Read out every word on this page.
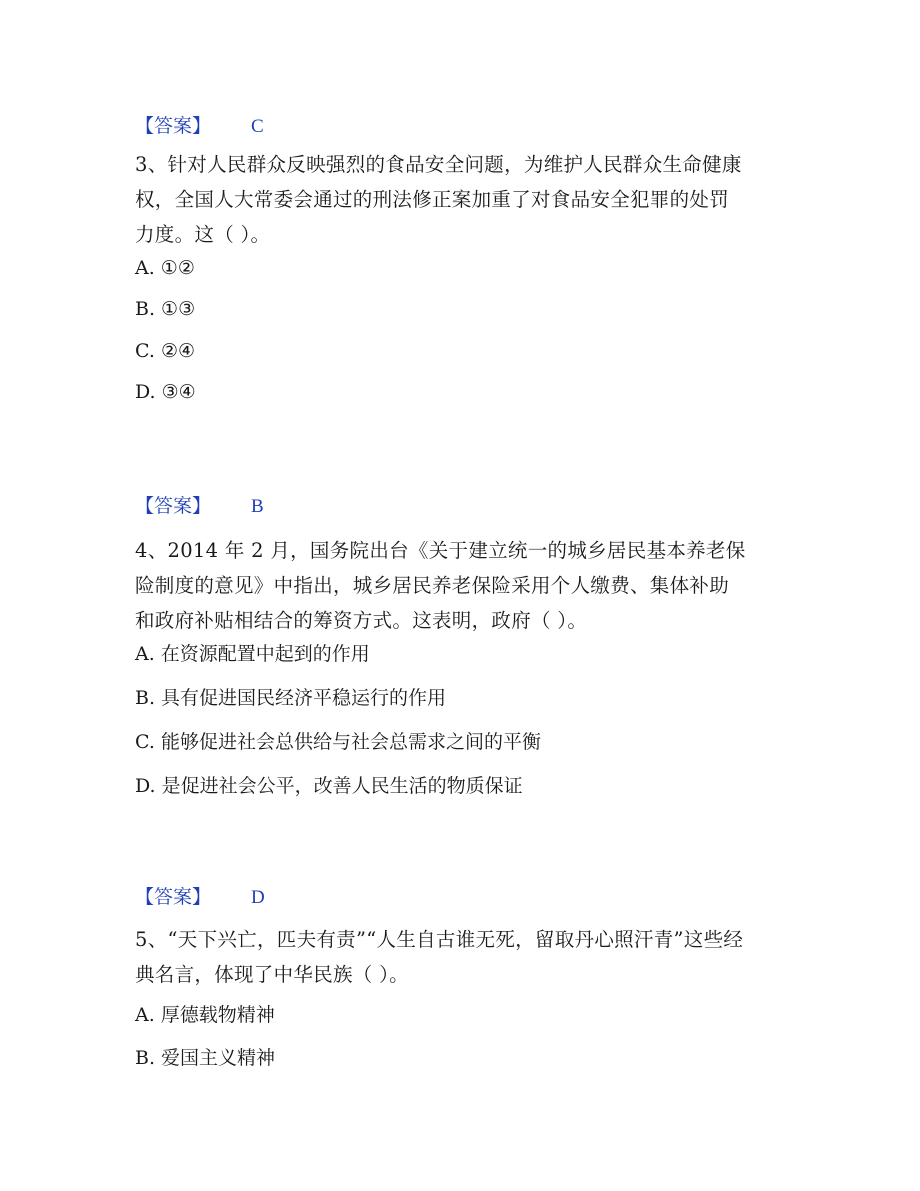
【答案】 C
3、针对人民群众反映强烈的食品安全问题，为维护人民群众生命健康
权，全国人大常委会通过的刑法修正案加重了对食品安全犯罪的处罚
力度。这（ ）。
A. ①②
B. ①③
C. ②④
D. ③④
【答案】 B
4、2014 年 2 月，国务院出台《关于建立统一的城乡居民基本养老保
险制度的意见》中指出，城乡居民养老保险采用个人缴费、集体补助
和政府补贴相结合的筹资方式。这表明，政府（ ）。
A. 在资源配置中起到的作用
B. 具有促进国民经济平稳运行的作用
C. 能够促进社会总供给与社会总需求之间的平衡
D. 是促进社会公平，改善人民生活的物质保证
【答案】 D
5、“天下兴亡，匹夫有责”“人生自古谁无死，留取丹心照汗青”这些经
典名言，体现了中华民族（ ）。
A. 厚德载物精神
B. 爱国主义精神
